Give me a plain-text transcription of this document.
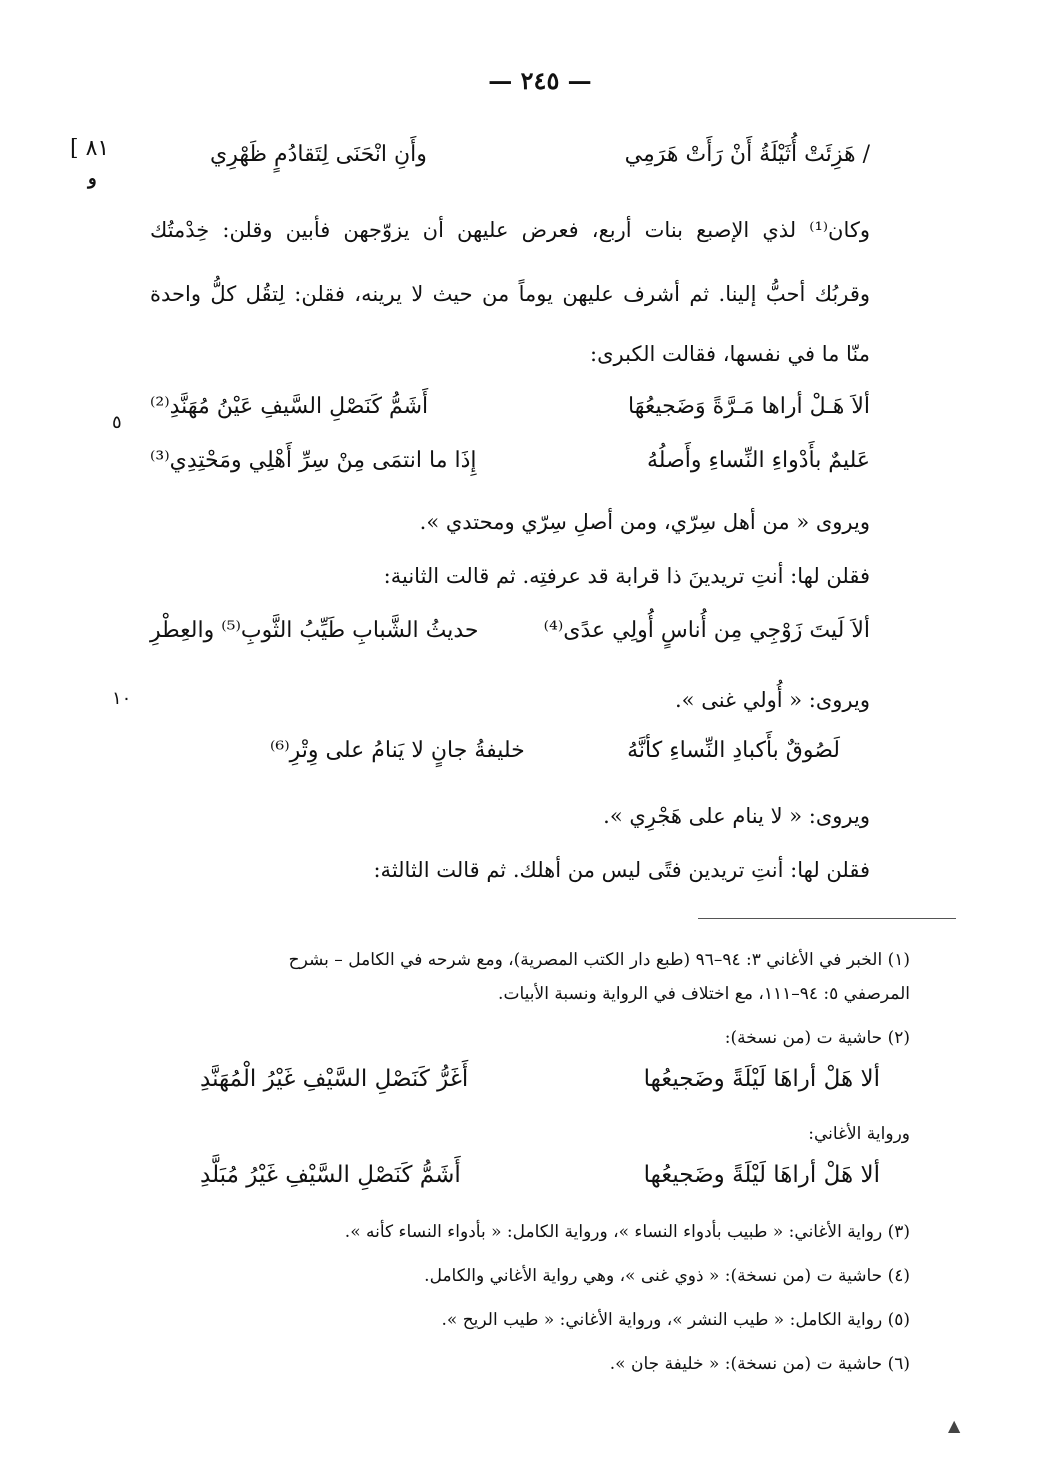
— ٢٤٥ —
[ ٨١
و
٥
١٠
/ هَزِئَتْ أُثَيْلَةُ أَنْ رَأَتْ هَرَمِي
وأَنِ انْحَنَى لِتَقادُمٍ ظَهْرِي
وكان⁽¹⁾ لذي الإصبع بنات أربع، فعرض عليهن أن يزوّجهن فأبين وقلن: خِدْمتُك
وقربُك أحبُّ إلينا. ثم أشرف عليهن يوماً من حيث لا يرينه، فقلن: لِتقُل كلُّ واحدة
منّا ما في نفسها، فقالت الكبرى:
ألاَ هَـلْ أراها مَـرَّةً وَضَجيعُهَا
أَشَمُّ كَنَصْلِ السَّيفِ عَيْنُ مُهَنَّدِ⁽²⁾
عَليمٌ بأَدْواءِ النِّساءِ وأَصلُهُ
إِذَا ما انتمَى مِنْ سِرِّ أَهْلِي ومَحْتِدِي⁽³⁾
ويروى « من أهل سِرّي، ومن أصلِ سِرّي ومحتدي ».
فقلن لها: أنتِ تريدينَ ذا قرابة قد عرفتِه. ثم قالت الثانية:
ألاَ لَيتَ زَوْجِي مِن أُناسٍ أُولِي عدًى⁽⁴⁾
حديثُ الشَّبابِ طَيِّبُ الثَّوبِ⁽⁵⁾ والعِطْرِ
ويروى: « أُولي غنى ».
لَصُوقٌ بأَكبادِ النِّساءِ كأنَّهُ
خليفةُ جانٍ لا يَنامُ على وِتْرِ⁽⁶⁾
ويروى: « لا ينام على هَجْرِي ».
فقلن لها: أنتِ تريدين فتًى ليس من أهلك. ثم قالت الثالثة:
(١) الخبر في الأغاني ٣: ٩٤–٩٦ (طبع دار الكتب المصرية)، ومع شرحه في الكامل – بشرح
المرصفي ٥: ٩٤–١١١، مع اختلاف في الرواية ونسبة الأبيات.
(٢) حاشية ت (من نسخة):
ألا هَلْ أراهَا لَيْلَةً وضَجيعُها
أَغَرُّ كَنَصْلِ السَّيْفِ غَيْرُ الْمُهَنَّدِ
ورواية الأغاني:
ألا هَلْ أراهَا لَيْلَةً وضَجيعُها
أَشَمُّ كَنَصْلِ السَّيْفِ غَيْرُ مُبَلَّدِ
(٣) رواية الأغاني: « طبيب بأدواء النساء »، ورواية الكامل: « بأدواء النساء كأنه ».
(٤) حاشية ت (من نسخة): « ذوي غنى »، وهي رواية الأغاني والكامل.
(٥) رواية الكامل: « طيب النشر »، ورواية الأغاني: « طيب الريح ».
(٦) حاشية ت (من نسخة): « خليفة جان ».
▲
